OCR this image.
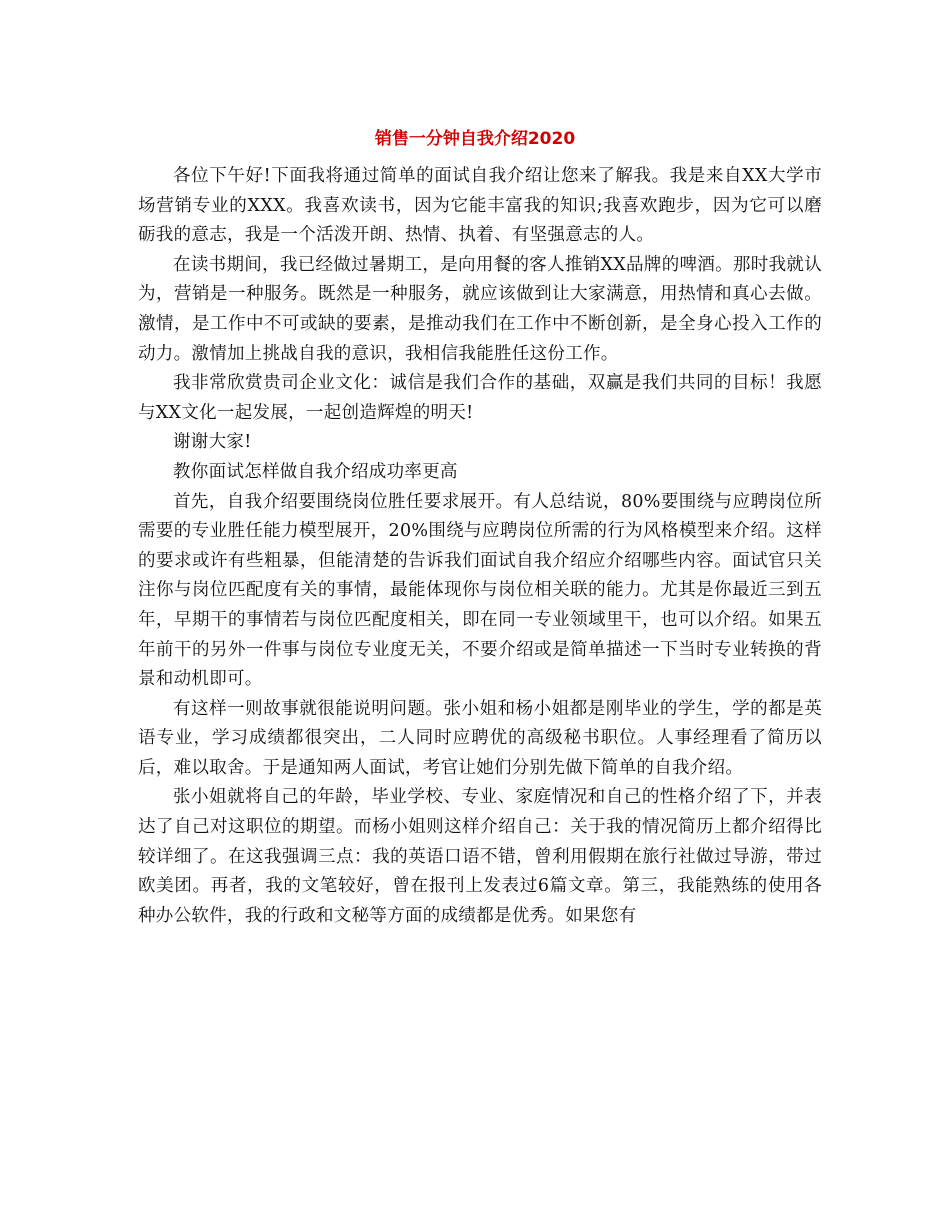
销售一分钟自我介绍2020

各位下午好!下面我将通过简单的面试自我介绍让您来了解我。我是来自XX大学市场营销专业的XXX。我喜欢读书，因为它能丰富我的知识;我喜欢跑步，因为它可以磨砺我的意志，我是一个活泼开朗、热情、执着、有坚强意志的人。

在读书期间，我已经做过暑期工，是向用餐的客人推销XX品牌的啤酒。那时我就认为，营销是一种服务。既然是一种服务，就应该做到让大家满意，用热情和真心去做。激情，是工作中不可或缺的要素，是推动我们在工作中不断创新，是全身心投入工作的动力。激情加上挑战自我的意识，我相信我能胜任这份工作。

我非常欣赏贵司企业文化：诚信是我们合作的基础，双赢是我们共同的目标！我愿与XX文化一起发展，一起创造辉煌的明天!

谢谢大家!

教你面试怎样做自我介绍成功率更高

首先，自我介绍要围绕岗位胜任要求展开。有人总结说，80%要围绕与应聘岗位所需要的专业胜任能力模型展开，20%围绕与应聘岗位所需的行为风格模型来介绍。这样的要求或许有些粗暴，但能清楚的告诉我们面试自我介绍应介绍哪些内容。面试官只关注你与岗位匹配度有关的事情，最能体现你与岗位相关联的能力。尤其是你最近三到五年，早期干的事情若与岗位匹配度相关，即在同一专业领域里干，也可以介绍。如果五年前干的另外一件事与岗位专业度无关，不要介绍或是简单描述一下当时专业转换的背景和动机即可。

有这样一则故事就很能说明问题。张小姐和杨小姐都是刚毕业的学生，学的都是英语专业，学习成绩都很突出，二人同时应聘优的高级秘书职位。人事经理看了简历以后，难以取舍。于是通知两人面试，考官让她们分别先做下简单的自我介绍。

张小姐就将自己的年龄，毕业学校、专业、家庭情况和自己的性格介绍了下，并表达了自己对这职位的期望。而杨小姐则这样介绍自己：关于我的情况简历上都介绍得比较详细了。在这我强调三点：我的英语口语不错，曾利用假期在旅行社做过导游，带过欧美团。再者，我的文笔较好，曾在报刊上发表过6篇文章。第三，我能熟练的使用各种办公软件，我的行政和文秘等方面的成绩都是优秀。如果您有
